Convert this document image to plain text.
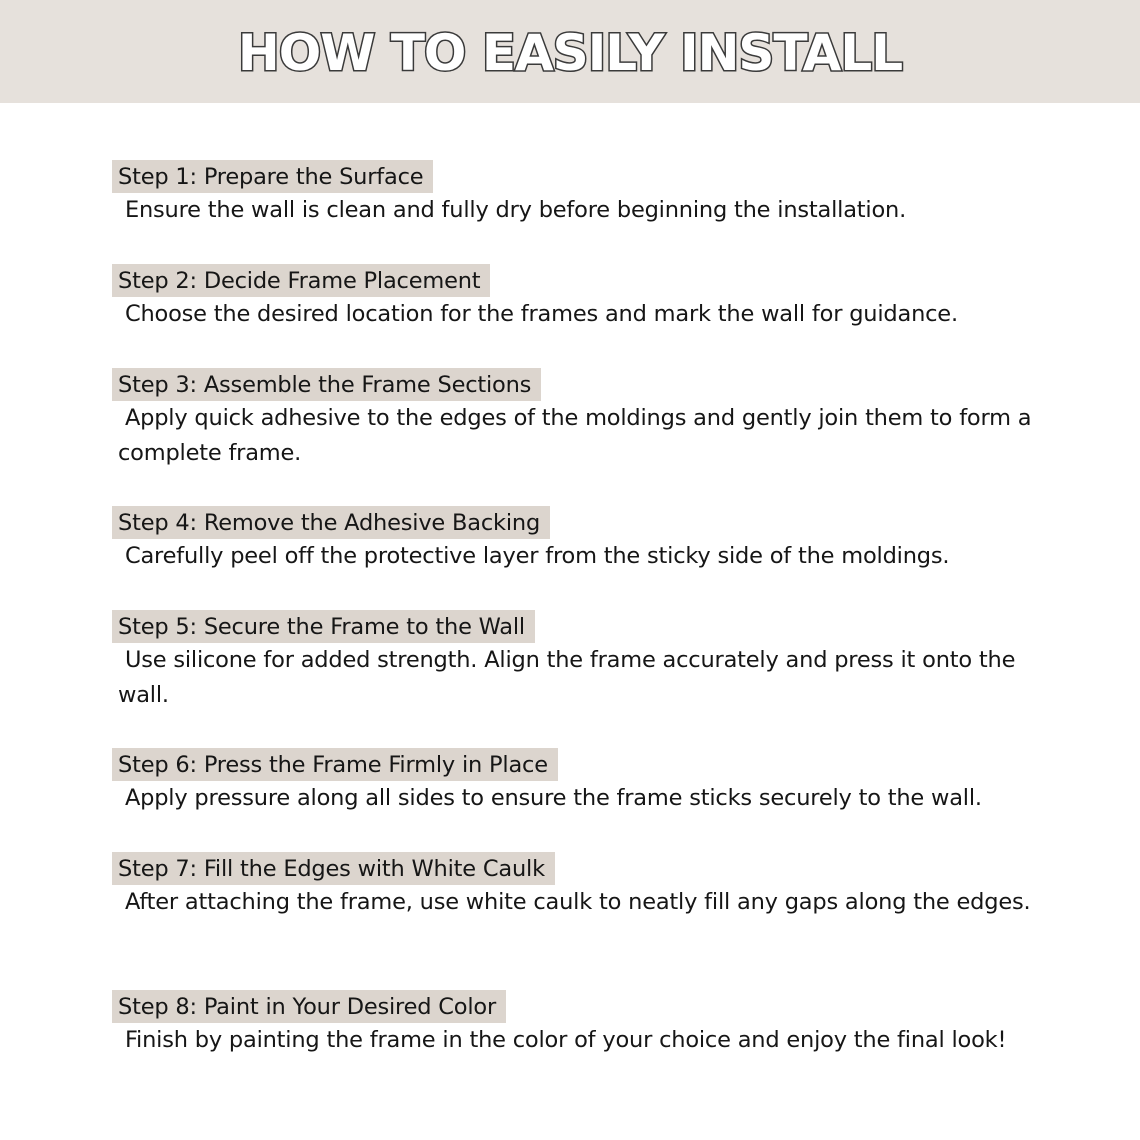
HOW TO EASILY INSTALL
Step 1: Prepare the Surface

Ensure the wall is clean and fully dry before beginning the installation.

Step 2: Decide Frame Placement

Choose the desired location for the frames and mark the wall for guidance.

Step 3: Assemble the Frame Sections

Apply quick adhesive to the edges of the moldings and gently join them to form a complete frame.

Step 4: Remove the Adhesive Backing

Carefully peel off the protective layer from the sticky side of the moldings.

Step 5: Secure the Frame to the Wall

Use silicone for added strength. Align the frame accurately and press it onto the wall.

Step 6: Press the Frame Firmly in Place

Apply pressure along all sides to ensure the frame sticks securely to the wall.

Step 7: Fill the Edges with White Caulk

After attaching the frame, use white caulk to neatly fill any gaps along the edges.

Step 8: Paint in Your Desired Color

Finish by painting the frame in the color of your choice and enjoy the final look!
